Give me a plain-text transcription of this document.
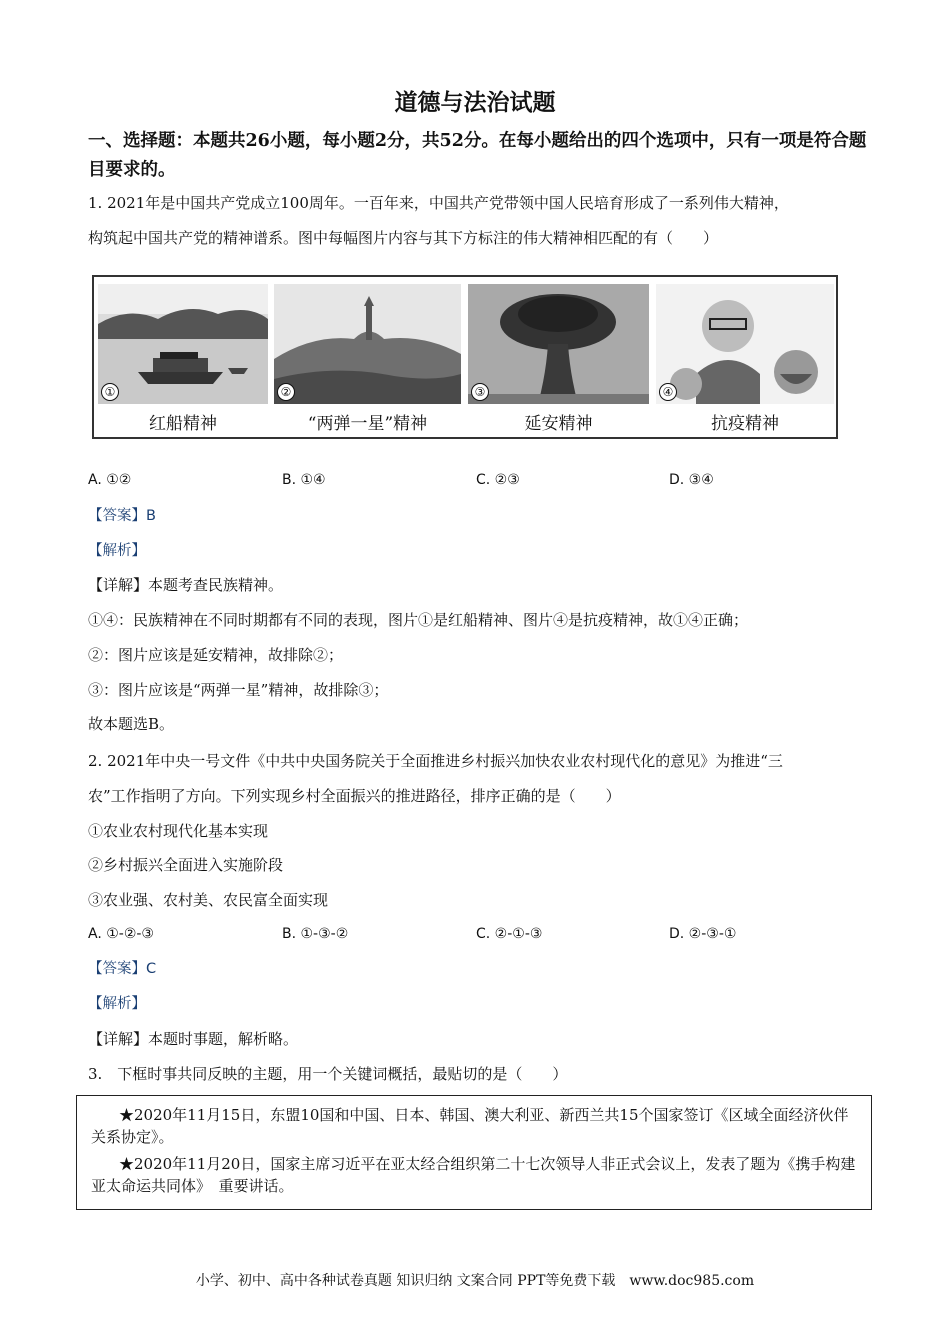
道德与法治试题
一、选择题：本题共26小题，每小题2分，共52分。在每小题给出的四个选项中，只有一项是符合题目要求的。
1. 2021年是中国共产党成立100周年。一百年来，中国共产党带领中国人民培育形成了一系列伟大精神，
构筑起中国共产党的精神谱系。图中每幅图片内容与其下方标注的伟大精神相匹配的有（　　）
①	②	③	④
红船精神	“两弹一星”精神	延安精神	抗疫精神
A. ①②	B. ①④	C. ②③	D. ③④
【答案】B
【解析】
【详解】本题考查民族精神。
①④：民族精神在不同时期都有不同的表现，图片①是红船精神、图片④是抗疫精神，故①④正确；
②：图片应该是延安精神，故排除②；
③：图片应该是“两弹一星”精神，故排除③；
故本题选B。
2. 2021年中央一号文件《中共中央国务院关于全面推进乡村振兴加快农业农村现代化的意见》为推进“三
农”工作指明了方向。下列实现乡村全面振兴的推进路径，排序正确的是（　　）
①农业农村现代化基本实现
②乡村振兴全面进入实施阶段
③农业强、农村美、农民富全面实现
A. ①-②-③	B. ①-③-②	C. ②-①-③	D. ②-③-①
【答案】C
【解析】
【详解】本题时事题，解析略。
3.　下框时事共同反映的主题，用一个关键词概括，最贴切的是（　　）

★2020年11月15日，东盟10国和中国、日本、韩国、澳大利亚、新西兰共15个国家签订《区域全面经济伙伴关系协定》。

★2020年11月20日，国家主席习近平在亚太经合组织第二十七次领导人非正式会议上，发表了题为《携手构建亚太命运共同体》　重要讲话。

小学、初中、高中各种试卷真题 知识归纳 文案合同 PPT等免费下载　www.doc985.com
